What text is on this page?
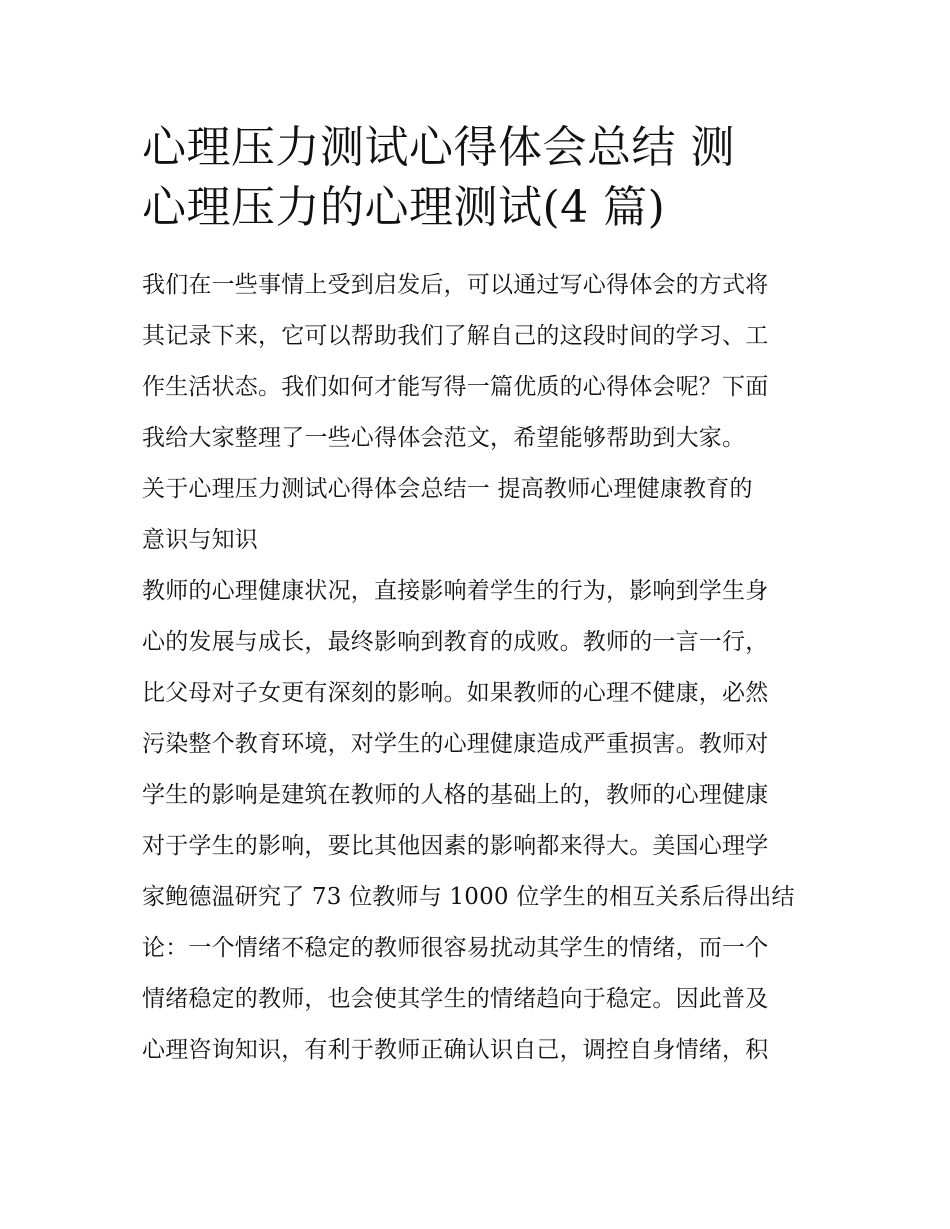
心理压力测试心得体会总结 测
心理压力的心理测试(4 篇)
我们在一些事情上受到启发后，可以通过写心得体会的方式将
其记录下来，它可以帮助我们了解自己的这段时间的学习、工
作生活状态。我们如何才能写得一篇优质的心得体会呢？下面
我给大家整理了一些心得体会范文，希望能够帮助到大家。
关于心理压力测试心得体会总结一 提高教师心理健康教育的
意识与知识
教师的心理健康状况，直接影响着学生的行为，影响到学生身
心的发展与成长，最终影响到教育的成败。教师的一言一行，
比父母对子女更有深刻的影响。如果教师的心理不健康，必然
污染整个教育环境，对学生的心理健康造成严重损害。教师对
学生的影响是建筑在教师的人格的基础上的，教师的心理健康
对于学生的影响，要比其他因素的影响都来得大。美国心理学
家鲍德温研究了 73 位教师与 1000 位学生的相互关系后得出结
论：一个情绪不稳定的教师很容易扰动其学生的情绪，而一个
情绪稳定的教师，也会使其学生的情绪趋向于稳定。因此普及
心理咨询知识，有利于教师正确认识自己，调控自身情绪，积
